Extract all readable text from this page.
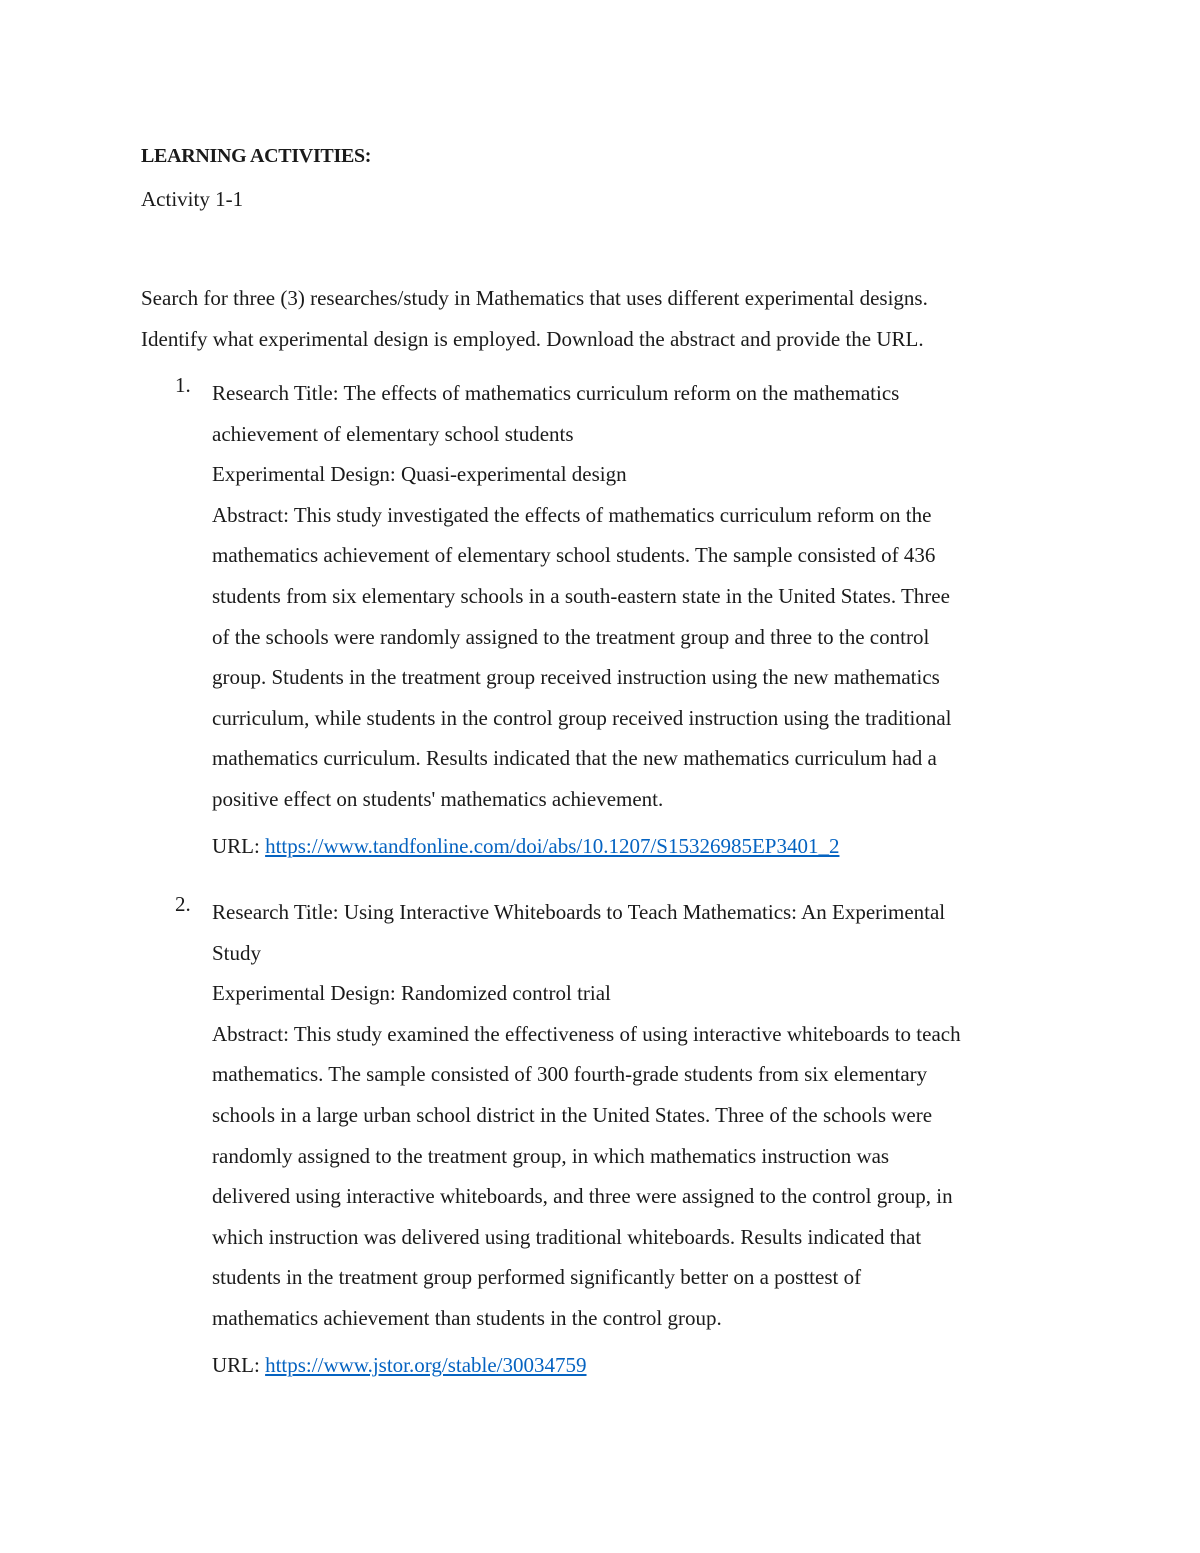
LEARNING ACTIVITIES:
Activity 1-1
Search for three (3) researches/study in Mathematics that uses different experimental designs.
Identify what experimental design is employed. Download the abstract and provide the URL.
1. Research Title: The effects of mathematics curriculum reform on the mathematics
achievement of elementary school students
Experimental Design: Quasi-experimental design
Abstract: This study investigated the effects of mathematics curriculum reform on the
mathematics achievement of elementary school students. The sample consisted of 436
students from six elementary schools in a south-eastern state in the United States. Three
of the schools were randomly assigned to the treatment group and three to the control
group. Students in the treatment group received instruction using the new mathematics
curriculum, while students in the control group received instruction using the traditional
mathematics curriculum. Results indicated that the new mathematics curriculum had a
positive effect on students' mathematics achievement.
URL: https://www.tandfonline.com/doi/abs/10.1207/S15326985EP3401_2
2. Research Title: Using Interactive Whiteboards to Teach Mathematics: An Experimental
Study
Experimental Design: Randomized control trial
Abstract: This study examined the effectiveness of using interactive whiteboards to teach
mathematics. The sample consisted of 300 fourth-grade students from six elementary
schools in a large urban school district in the United States. Three of the schools were
randomly assigned to the treatment group, in which mathematics instruction was
delivered using interactive whiteboards, and three were assigned to the control group, in
which instruction was delivered using traditional whiteboards. Results indicated that
students in the treatment group performed significantly better on a posttest of
mathematics achievement than students in the control group.
URL: https://www.jstor.org/stable/30034759
